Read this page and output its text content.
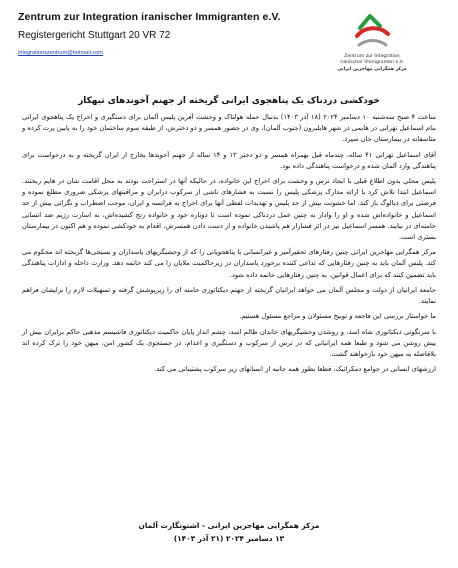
Zentrum zur Integration iranischer Immigranten e.V.
Registergericht Stuttgart 20 VR 72
integrationszentrum@hotmail.com
Zentrum zur Integration
iranischer Immigranten e.V.
مرکز همگرایی مهاجرین ایرانی
خودکشی دردناک یک پناهجوی ایرانی گریخته از جهنم آخوندهای تبهکار

ساعت ۴ صبح سه‌شنبه ۱۰ دسامبر ۲۰۲۴ (۱۸ آذر ۱۴۰۳) بدنبال حمله هولناک و وحشت آفرین پلیس آلمان برای دستگیری و اخراج یک پناهجوی ایرانی بنام اسماعیل تهرانی در هایمی در شهر هایلبرون (جنوب آلمان)، وی در حضور همسر و دو دخترش، از طبقه سوم ساختمان خود را به پایین پرت کرده و متاسفانه در بیمارستان جان سپرد.

آقای اسماعیل تهرانی ۴۱ ساله، چندماه قبل بهمراه همسر و دو دختر ۱۳ و ۱۴ ساله از جهنم آخوندها بخارج از ایران گریخته و به درخواست برای پناهندگی وارد آلمان شده و درخواست پناهندگی داده بود.

پلیس محلی بدون اطلاع قبلی با ایجاد ترس و وحشت برای اخراج این خانواده، در حالیکه آنها در استراحت بودند به محل اقامت شان در هایم ریختند. اسماعیل ابتدا تلاش کرد با ارائه مدارک پزشکی پلیس را نسبت به فشارهای ناشی از سرکوب درایران و مراقبتهای پزشکی ضروری مطلع نموده و فرصتی برای دیالوگ باز کند. اما خشونت بیش از حد پلیس و تهدیدات لفظی آنها برای اخراج به فرانسه و ایران، موجب اضطراب و نگرانی بیش از حد اسماعیل و خانواده‌اش شده و او را وادار به چنین عمل دردناکی نموده است تا دوباره خود و خانواده رنج کشیده‌اش، به اسارت رژیم ضد انسانی خامنه‌ای در نیایند. همسر اسماعیل نیز در اثر فشاراز هم پاشیدن خانواده و از دست دادن همسرش، اقدام به خودکشی نموده و هم اکنون در بیمارستان بستری است.

مرکز همگرایی مهاجرین ایرانی چنین رفتارهای تحقیرآمیز و غیرانسانی با پناهجویانی را که از وحشیگریهای پاسداران و بسیجی‌ها گریخته اند محکوم می کند. پلیس آلمان باید به چنین رفتارهایی که تداعی کننده برخورد پاسداران در زیرحاکمیت ملایان را می کند خاتمه دهد. وزارت داخله و ادارات پناهندگی باید تضمین کنند که برای اعمال قوانین، به چنین رفتارهایی خاتمه داده شود.

جامعه ایرانیان از دولت و مجلس آلمان می خواهد ایرانیان گریخته از جهنم دیکتاتوری خامنه ای را زیرپوشش گرفته و تسهیلات لازم را برایشان فراهم نمایند.

ما خواستار بررسی این فاجعه و توبیخ مسئولان و مراجع مسئول هستیم.

با سرنگونی دیکتاتوری شاه اسد، و روشدن وحشیگریهای خاندان ظالم اسد، چشم انداز پایان حاکمیت دیکتاتوری فاشیسم مذهبی حاکم برایران بیش از پیش روشن می شود و طبعا همه ایرانیانی که در ترس از سرکوب و دستگیری و اعدام، در جستجوی یک کشور امن، میهن خود را ترک کرده اند بلافاصله به میهن خود بازخواهند گشت.

ارزشهای انسانی در جوامع دمکراتیک، قطعا بطور همه جانبه از انسانهای زیر سرکوب پشتیبانی می کند.

مرکز همگرایی مهاجرین ایرانی - اشتوتگارت آلمان
۱۳ دسامبر ۲۰۲۴ (۲۱ آذر ۱۴۰۳)
